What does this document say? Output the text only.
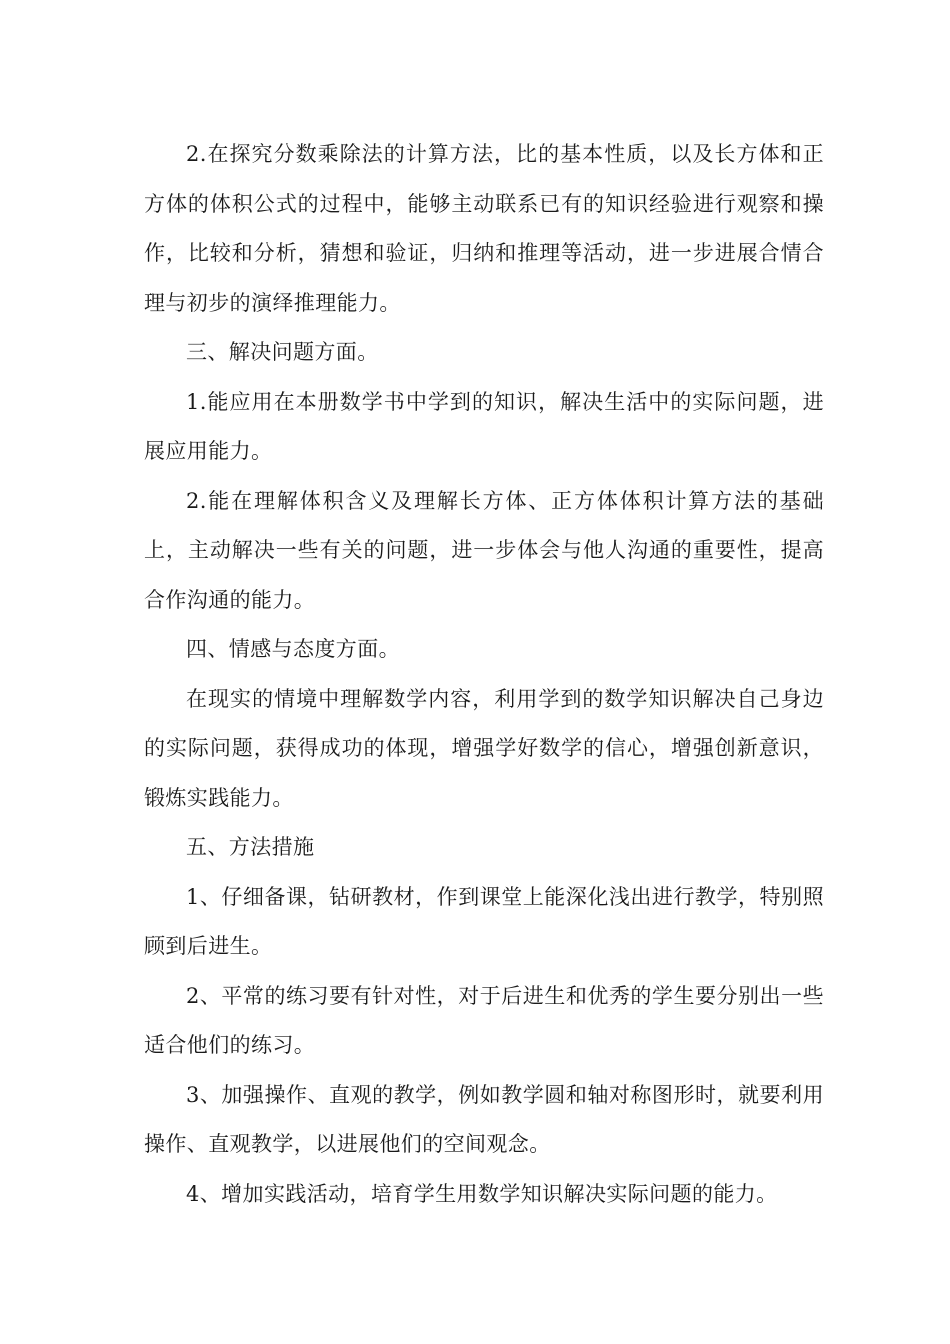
2.在探究分数乘除法的计算方法，比的基本性质，以及长方体和正方体的体积公式的过程中，能够主动联系已有的知识经验进行观察和操作，比较和分析，猜想和验证，归纳和推理等活动，进一步进展合情合理与初步的演绎推理能力。

三、解决问题方面。

1.能应用在本册数学书中学到的知识，解决生活中的实际问题，进展应用能力。

2.能在理解体积含义及理解长方体、正方体体积计算方法的基础上，主动解决一些有关的问题，进一步体会与他人沟通的重要性，提高合作沟通的能力。

四、情感与态度方面。

在现实的情境中理解数学内容，利用学到的数学知识解决自己身边的实际问题，获得成功的体现，增强学好数学的信心，增强创新意识，锻炼实践能力。

五、方法措施

1、仔细备课，钻研教材，作到课堂上能深化浅出进行教学，特别照顾到后进生。

2、平常的练习要有针对性，对于后进生和优秀的学生要分别出一些适合他们的练习。

3、加强操作、直观的教学，例如教学圆和轴对称图形时，就要利用操作、直观教学，以进展他们的空间观念。

4、增加实践活动，培育学生用数学知识解决实际问题的能力。
